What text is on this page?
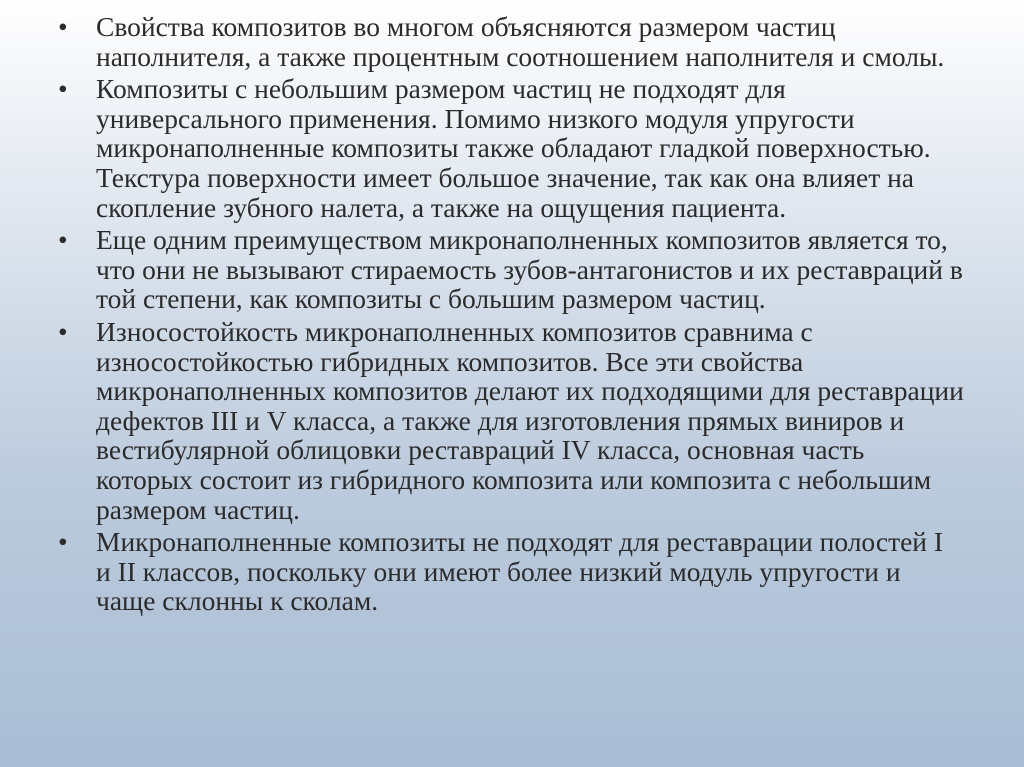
•	Свойства композитов во многом объясняются размером частиц наполнителя, а также процентным соотношением наполнителя и смолы.
•	Композиты с небольшим размером частиц не подходят для универсального применения. Помимо низкого модуля упругости микронаполненные композиты также обладают гладкой поверхностью. Текстура поверхности имеет большое значение, так как она влияет на скопление зубного налета, а также на ощущения пациента.
•	Еще одним преимуществом микронаполненных композитов является то, что они не вызывают стираемость зубов-антагонистов и их реставраций в той степени, как композиты с большим размером частиц.
•	Износостойкость микронаполненных композитов сравнима с износостойкостью гибридных композитов. Все эти свойства микронаполненных композитов делают их подходящими для реставрации дефектов III и V класса, а также для изготовления прямых виниров и вестибулярной облицовки реставраций IV класса, основная часть которых состоит из гибридного композита или композита с небольшим размером частиц.
•	Микронаполненные композиты не подходят для реставрации полостей I и II классов, поскольку они имеют более низкий модуль упругости и чаще склонны к сколам.
